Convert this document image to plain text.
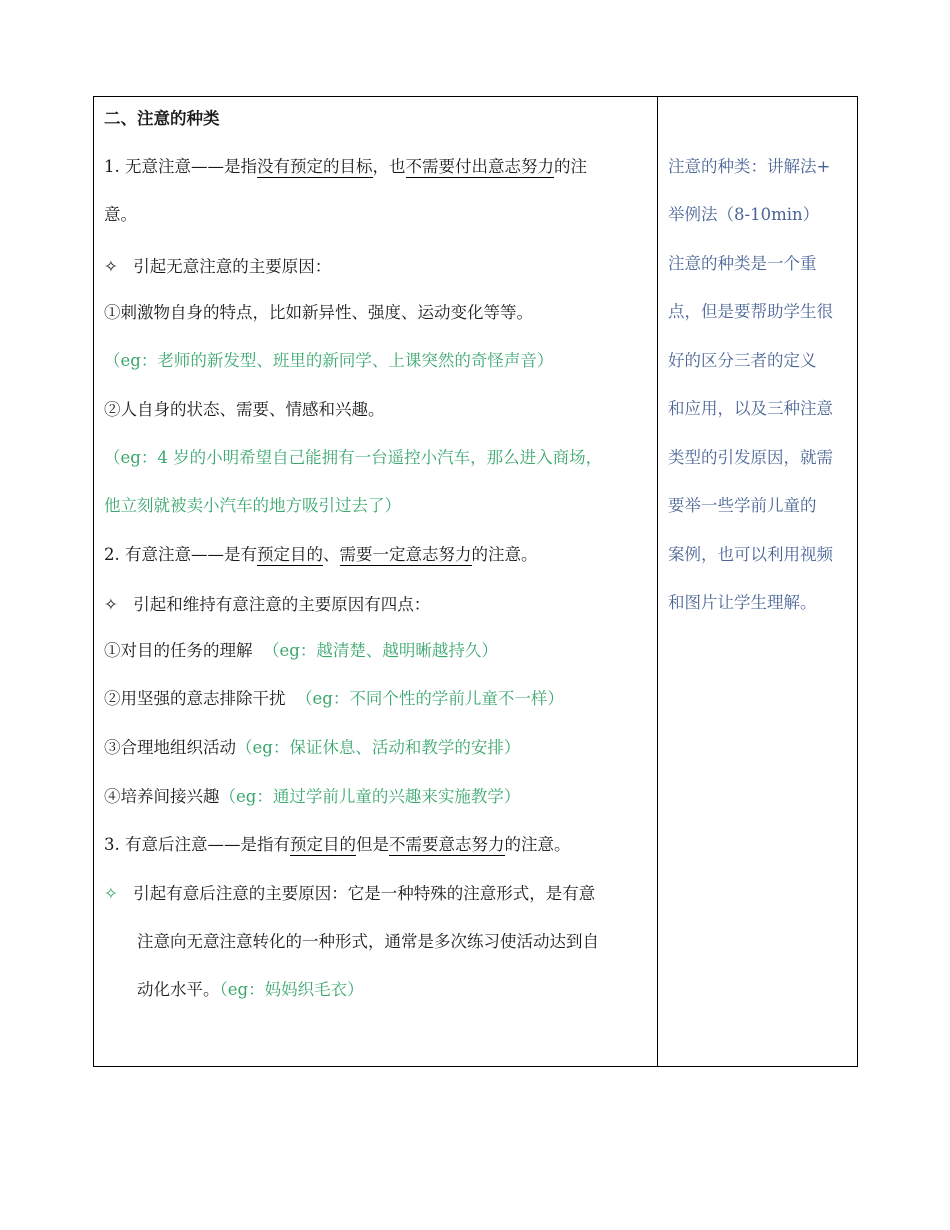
二、注意的种类
1. 无意注意——是指没有预定的目标，也不需要付出意志努力的注
意。
✧ 引起无意注意的主要原因：
①刺激物自身的特点，比如新异性、强度、运动变化等等。
（eg：老师的新发型、班里的新同学、上课突然的奇怪声音）
②人自身的状态、需要、情感和兴趣。
（eg：4 岁的小明希望自己能拥有一台遥控小汽车，那么进入商场，
他立刻就被卖小汽车的地方吸引过去了）
2. 有意注意——是有预定目的、需要一定意志努力的注意。
✧ 引起和维持有意注意的主要原因有四点：
①对目的任务的理解 （eg：越清楚、越明晰越持久）
②用坚强的意志排除干扰 （eg：不同个性的学前儿童不一样）
③合理地组织活动（eg：保证休息、活动和教学的安排）
④培养间接兴趣（eg：通过学前儿童的兴趣来实施教学）
3. 有意后注意——是指有预定目的但是不需要意志努力的注意。
✧ 引起有意后注意的主要原因：它是一种特殊的注意形式，是有意
注意向无意注意转化的一种形式，通常是多次练习使活动达到自
动化水平。（eg：妈妈织毛衣）
注意的种类：讲解法+
举例法（8-10min）
注意的种类是一个重
点，但是要帮助学生很
好的区分三者的定义
和应用，以及三种注意
类型的引发原因，就需
要举一些学前儿童的
案例，也可以利用视频
和图片让学生理解。
